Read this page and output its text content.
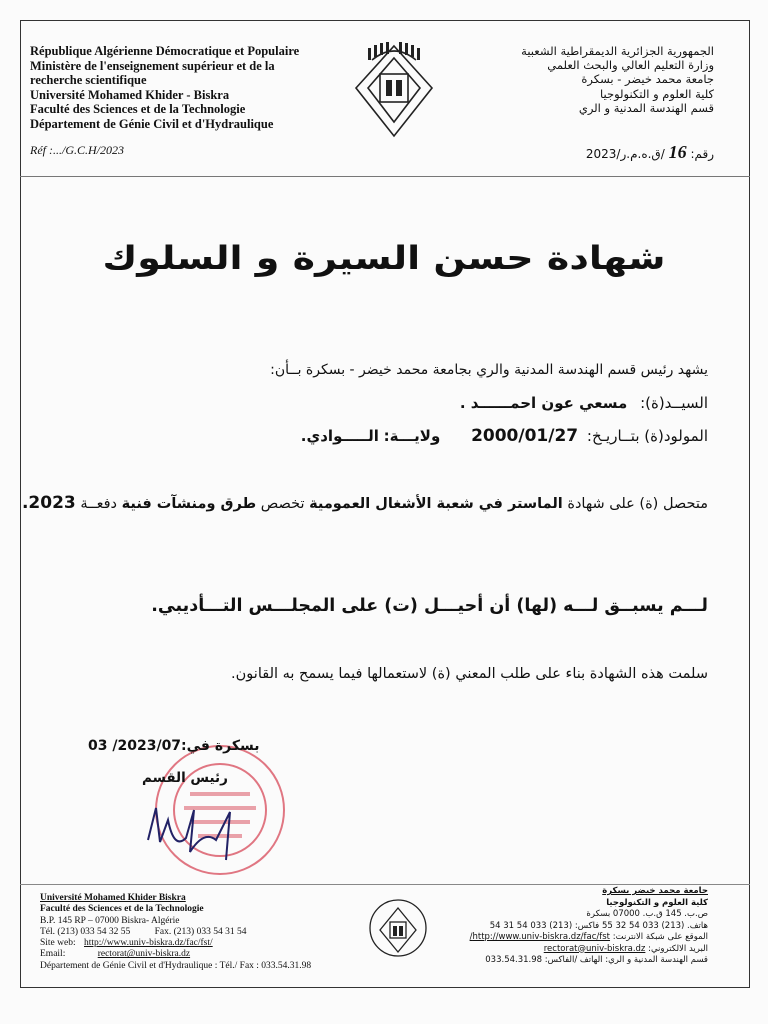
République Algérienne Démocratique et Populaire
Ministère de l'enseignement supérieur et de la
recherche scientifique
Université Mohamed Khider - Biskra
Faculté des Sciences et de la Technologie
Département de Génie Civil et d'Hydraulique
Réf :.../G.C.H/2023
الجمهورية الجزائرية الديمقراطية الشعبية
وزارة التعليم العالي والبحث العلمي
جامعة محمد خيضر - بسكرة
كلية العلوم و التكنولوجيا
قسم الهندسة المدنية و الري
رقم: 16 /ق.ه.م.ر/2023
شهادة حسن السيرة و السلوك
يشهد رئيس قسم الهندسة المدنية والري بجامعة محمد خيضر - بسكرة بــأن:
السيــد(ة): مسعي عون احمــــــد .
المولود(ة) بتــاريـخ: 2000/01/27 ولايـــة: الـــــوادي.
متحصل (ة) على شهادة الماستر في شعبة الأشغال العمومية تخصص طرق ومنشآت فنية دفعــة 2023.
لـــم يسبــق لـــه (لها) أن أحيـــل (ت) على المجلـــس التـــأديبي.
سلمت هذه الشهادة بناء على طلب المعني (ة) لاستعمالها فيما يسمح به القانون.
بسكرة في:2023/07/ 03
رئيس القسم
Université Mohamed Khider Biskra
Faculté des Sciences et de la Technologie
B.P. 145 RP – 07000 Biskra- Algérie
Tél. (213) 033 54 32 55	Fax. (213) 033 54 31 54
Site web: http://www.univ-biskra.dz/fac/fst/
Email:	rectorat@univ-biskra.dz
Département de Génie Civil et d'Hydraulique : Tél./ Fax : 033.54.31.98
جامعة محمد خيضر بسكرة
كلية العلوم و التكنولوجيا
ص.ب. 145 ق.ب. 07000 بسكرة
هاتف. (213) 033 54 32 55 فاكس: (213) 033 54 31 54
الموقع على شبكة الانترنت: http://www.univ-biskra.dz/fac/fst/
البريد الالكتروني: rectorat@univ-biskra.dz
قسم الهندسة المدنية و الري: الهاتف /الفاكس: 033.54.31.98
